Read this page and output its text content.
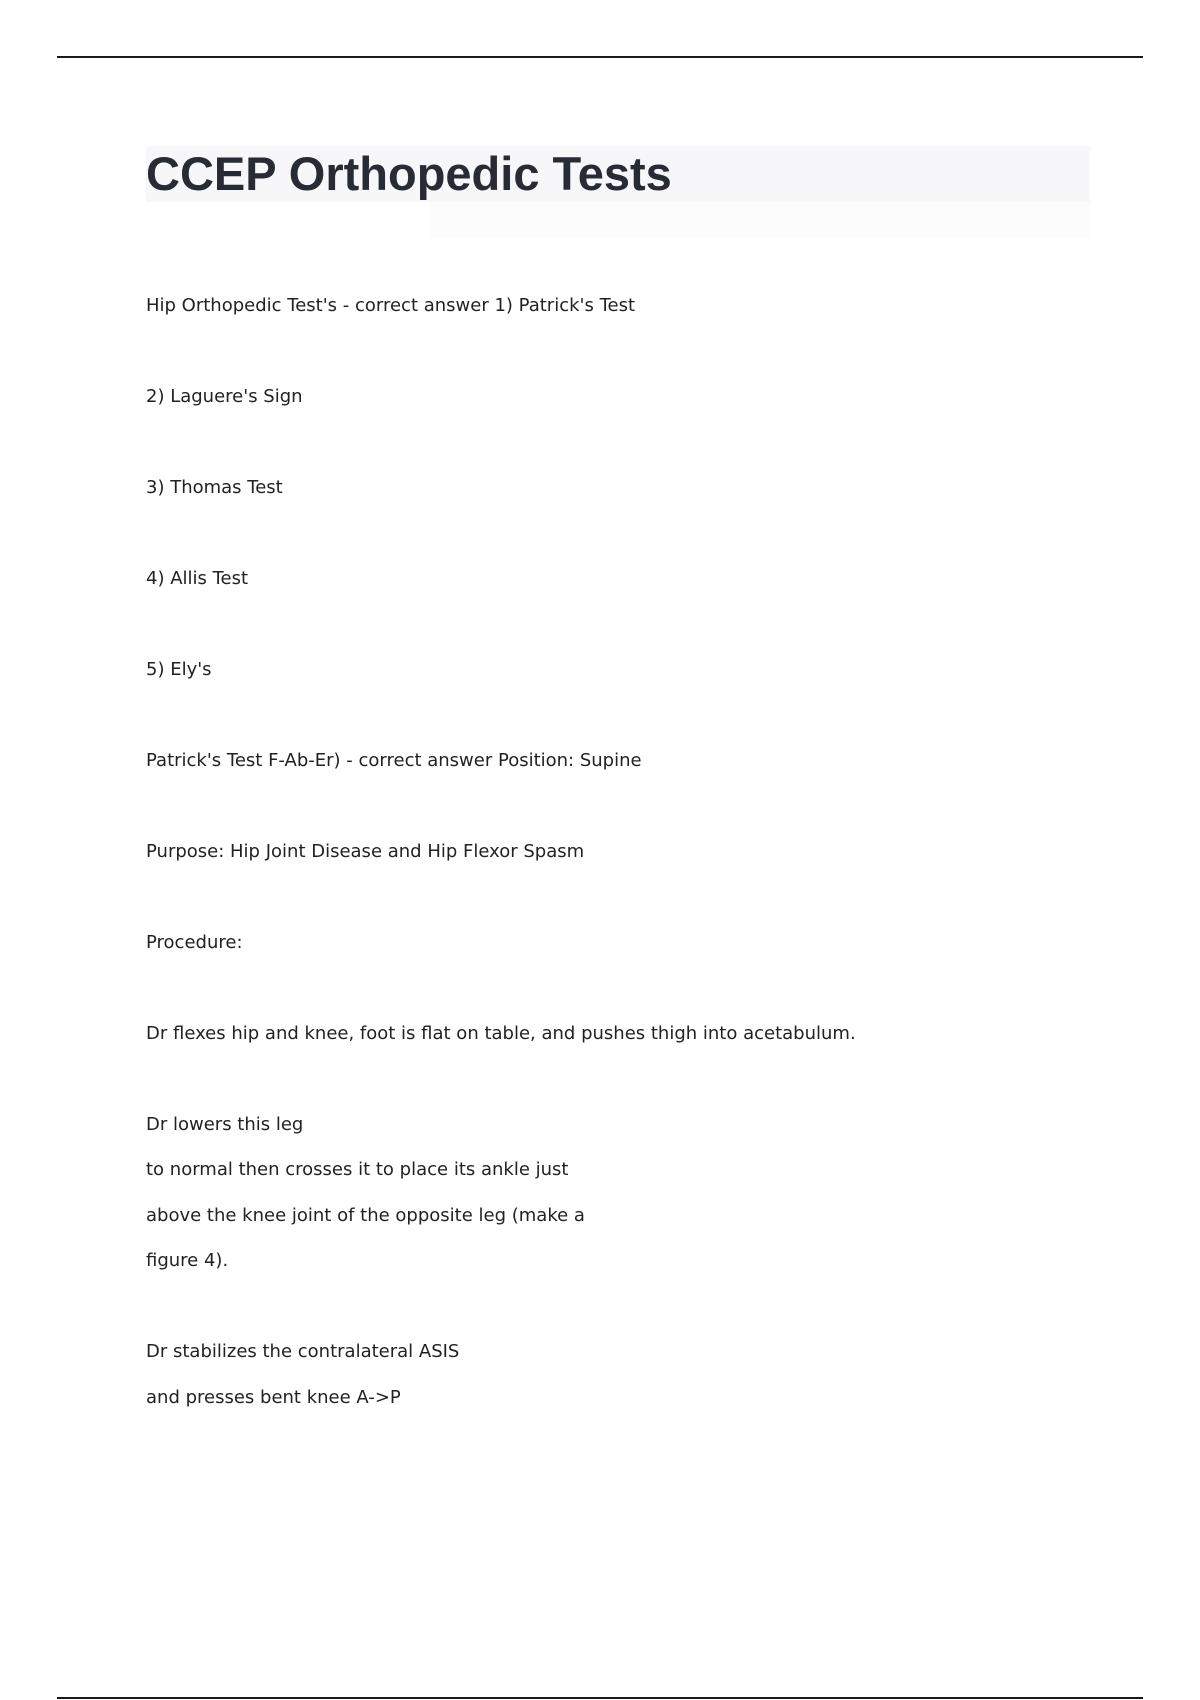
CCEP Orthopedic Tests

Hip Orthopedic Test's - correct answer 1) Patrick's Test

2) Laguere's Sign

3) Thomas Test

4) Allis Test

5) Ely's

Patrick's Test F-Ab-Er) - correct answer Position: Supine

Purpose: Hip Joint Disease and Hip Flexor Spasm

Procedure:

Dr flexes hip and knee, foot is flat on table, and pushes thigh into acetabulum.

Dr lowers this leg

to normal then crosses it to place its ankle just

above the knee joint of the opposite leg (make a

figure 4).

Dr stabilizes the contralateral ASIS

and presses bent knee A->P
